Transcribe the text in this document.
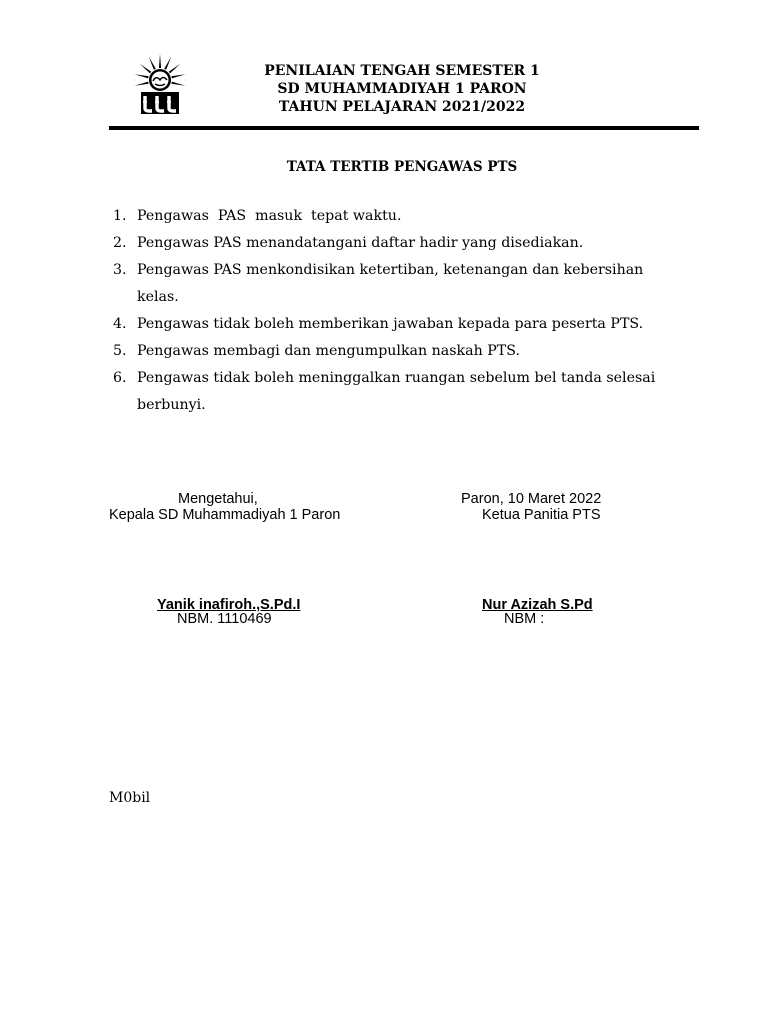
PENILAIAN TENGAH SEMESTER 1
SD MUHAMMADIYAH 1 PARON
TAHUN PELAJARAN 2021/2022
TATA TERTIB PENGAWAS PTS
1. Pengawas  PAS  masuk  tepat waktu.
2. Pengawas PAS menandatangani daftar hadir yang disediakan.
3. Pengawas PAS menkondisikan ketertiban, ketenangan dan kebersihan kelas.
4. Pengawas tidak boleh memberikan jawaban kepada para peserta PTS.
5. Pengawas membagi dan mengumpulkan naskah PTS.
6. Pengawas tidak boleh meninggalkan ruangan sebelum bel tanda selesai berbunyi.
Mengetahui,
Kepala SD Muhammadiyah 1 Paron
Yanik inafiroh.,S.Pd.I
NBM. 1110469
Paron, 10 Maret 2022
Ketua Panitia PTS
Nur Azizah S.Pd
NBM :
M0bil
